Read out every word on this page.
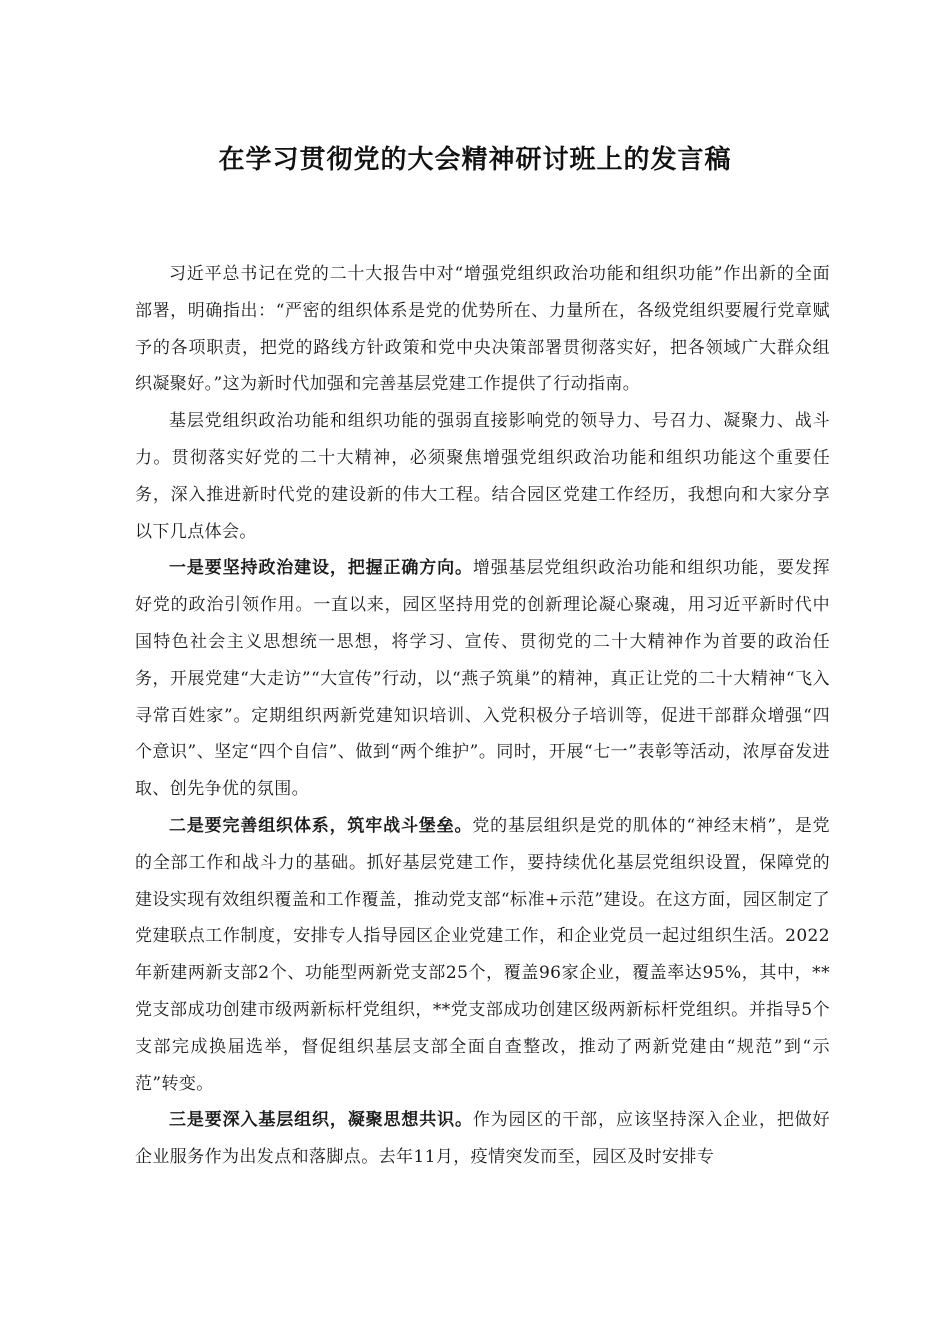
在学习贯彻党的大会精神研讨班上的发言稿

习近平总书记在党的二十大报告中对“增强党组织政治功能和组织功能”作出新的全面部署，明确指出：“严密的组织体系是党的优势所在、力量所在，各级党组织要履行党章赋予的各项职责，把党的路线方针政策和党中央决策部署贯彻落实好，把各领域广大群众组织凝聚好。”这为新时代加强和完善基层党建工作提供了行动指南。

基层党组织政治功能和组织功能的强弱直接影响党的领导力、号召力、凝聚力、战斗力。贯彻落实好党的二十大精神，必须聚焦增强党组织政治功能和组织功能这个重要任务，深入推进新时代党的建设新的伟大工程。结合园区党建工作经历，我想向和大家分享以下几点体会。

一是要坚持政治建设，把握正确方向。增强基层党组织政治功能和组织功能，要发挥好党的政治引领作用。一直以来，园区坚持用党的创新理论凝心聚魂，用习近平新时代中国特色社会主义思想统一思想，将学习、宣传、贯彻党的二十大精神作为首要的政治任务，开展党建“大走访”“大宣传”行动，以“燕子筑巢”的精神，真正让党的二十大精神“飞入寻常百姓家”。定期组织两新党建知识培训、入党积极分子培训等，促进干部群众增强“四个意识”、坚定“四个自信”、做到“两个维护”。同时，开展“七一”表彰等活动，浓厚奋发进取、创先争优的氛围。

二是要完善组织体系，筑牢战斗堡垒。党的基层组织是党的肌体的“神经末梢”，是党的全部工作和战斗力的基础。抓好基层党建工作，要持续优化基层党组织设置，保障党的建设实现有效组织覆盖和工作覆盖，推动党支部“标准+示范”建设。在这方面，园区制定了党建联点工作制度，安排专人指导园区企业党建工作，和企业党员一起过组织生活。2022年新建两新支部2个、功能型两新党支部25个，覆盖96家企业，覆盖率达95%，其中，**党支部成功创建市级两新标杆党组织，**党支部成功创建区级两新标杆党组织。并指导5个支部完成换届选举，督促组织基层支部全面自查整改，推动了两新党建由“规范”到“示范”转变。

三是要深入基层组织，凝聚思想共识。作为园区的干部，应该坚持深入企业，把做好企业服务作为出发点和落脚点。去年11月，疫情突发而至，园区及时安排专
